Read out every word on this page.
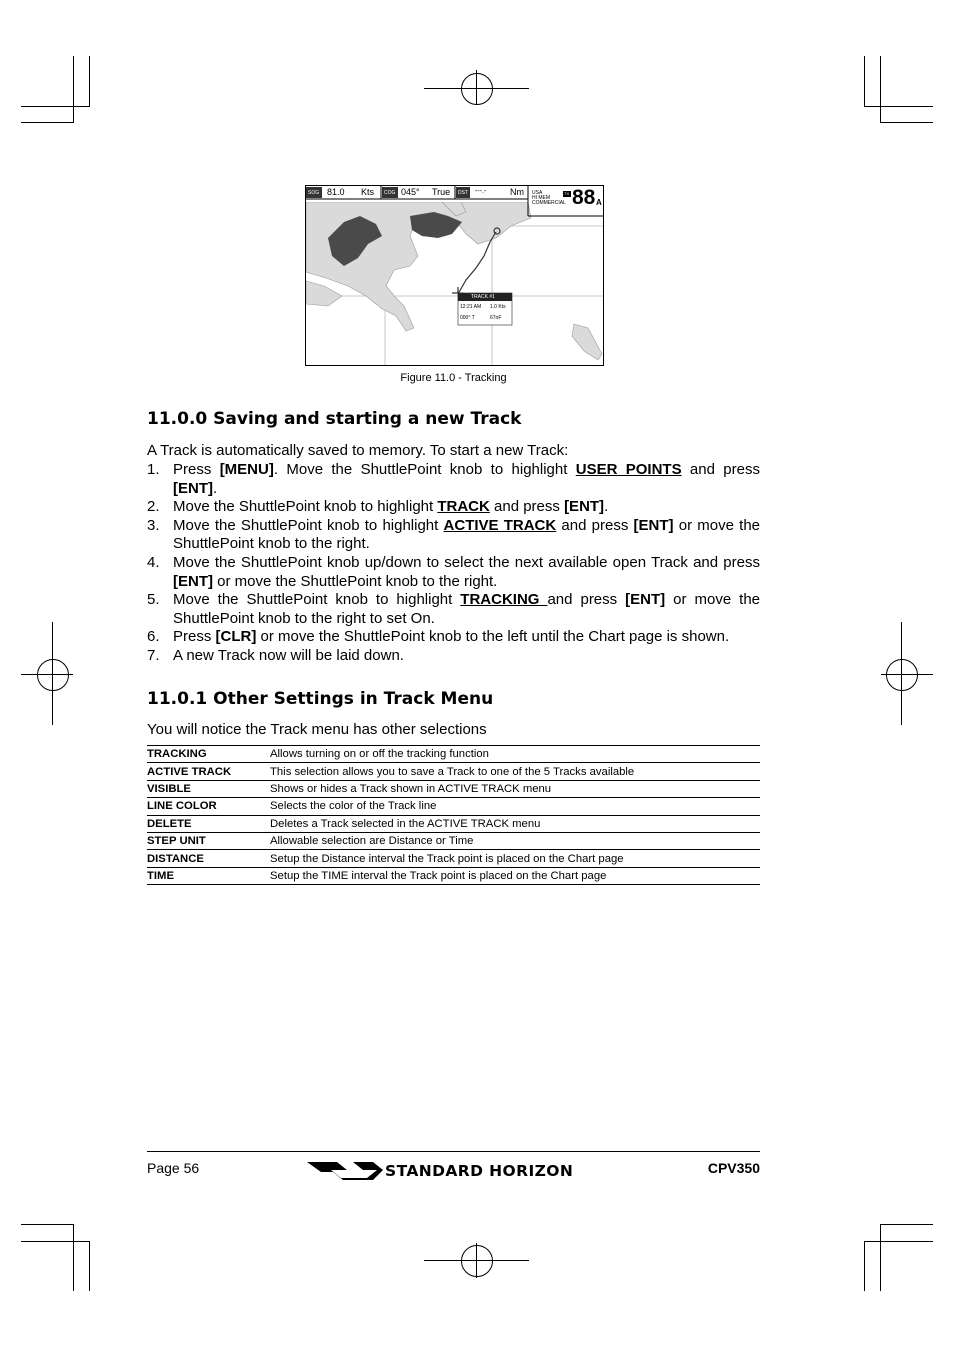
SOG 81.0 Kts COG 045° True DST ---.-	Nm USA
HI MEM
COMMERCIAL
TX 88 A
TRACK #1
12:21 AM 1.0 Kts
000° T	67nF
Figure 11.0 - Tracking
11.0.0 Saving and starting a new Track
A Track is automatically saved to memory. To start a new Track:
1. Press [MENU]. Move the ShuttlePoint knob to highlight USER POINTS and press [ENT].
2. Move the ShuttlePoint knob to highlight TRACK and press [ENT].
3. Move the ShuttlePoint knob to highlight ACTIVE TRACK and press [ENT] or move the ShuttlePoint knob to the right.
4. Move the ShuttlePoint knob up/down to select the next available open Track and press [ENT] or move the ShuttlePoint knob to the right.
5. Move the ShuttlePoint knob to highlight TRACKING and press [ENT] or move the ShuttlePoint knob to the right to set On.
6. Press [CLR] or move the ShuttlePoint knob to the left until the Chart page is shown.
7. A new Track now will be laid down.
11.0.1 Other Settings in Track Menu
You will notice the Track menu has other selections
TRACKING	Allows turning on or off the tracking function
ACTIVE TRACK	This selection allows you to save a Track to one of the 5 Tracks available
VISIBLE	Shows or hides a Track shown in ACTIVE TRACK menu
LINE COLOR	Selects the color of the Track line
DELETE	Deletes a Track selected in the ACTIVE TRACK menu
STEP UNIT	Allowable selection are Distance or Time
DISTANCE	Setup the Distance interval the Track point is placed on the Chart page
TIME	Setup the TIME interval the Track point is placed on the Chart page
Page 56	STANDARD HORIZON	CPV350
